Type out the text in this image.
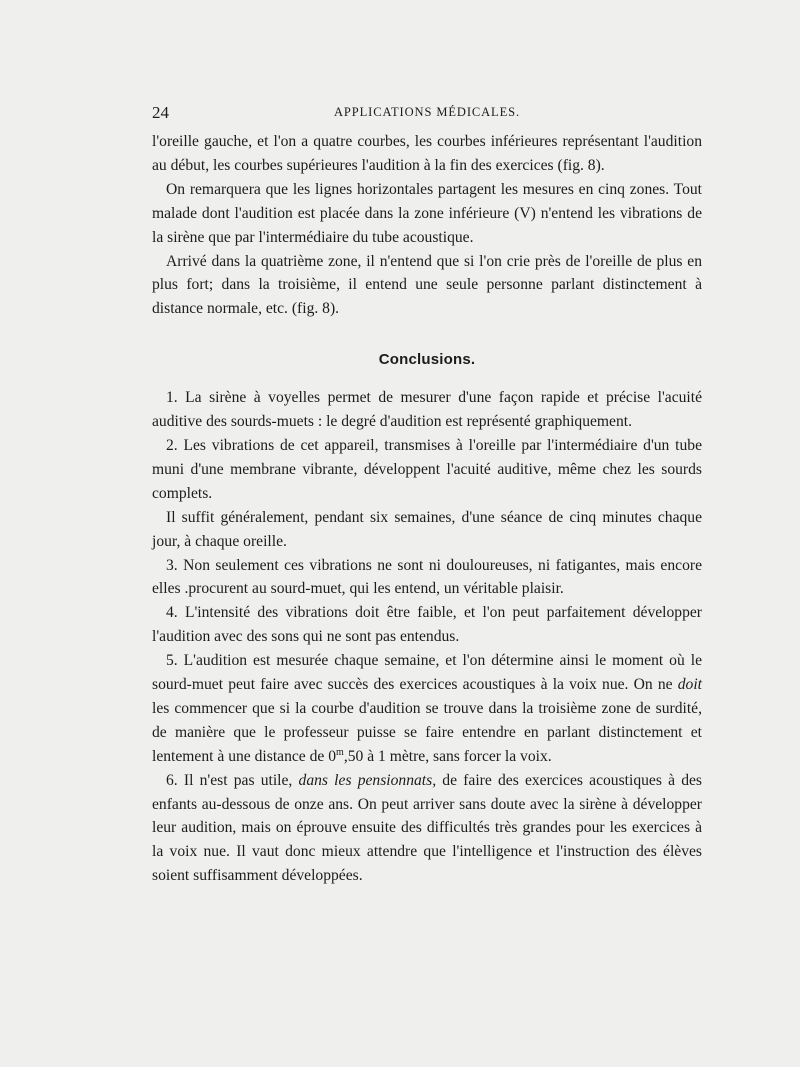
24	APPLICATIONS MÉDICALES.

l'oreille gauche, et l'on a quatre courbes, les courbes inférieures représentant l'audition au début, les courbes supérieures l'audition à la fin des exercices (fig. 8).

On remarquera que les lignes horizontales partagent les mesures en cinq zones. Tout malade dont l'audition est placée dans la zone inférieure (V) n'entend les vibrations de la sirène que par l'intermédiaire du tube acoustique.

Arrivé dans la quatrième zone, il n'entend que si l'on crie près de l'oreille de plus en plus fort; dans la troisième, il entend une seule personne parlant distinctement à distance normale, etc. (fig. 8).

Conclusions.

1. La sirène à voyelles permet de mesurer d'une façon rapide et précise l'acuité auditive des sourds-muets : le degré d'audition est représenté graphiquement.

2. Les vibrations de cet appareil, transmises à l'oreille par l'intermédiaire d'un tube muni d'une membrane vibrante, développent l'acuité auditive, même chez les sourds complets.

Il suffit généralement, pendant six semaines, d'une séance de cinq minutes chaque jour, à chaque oreille.

3. Non seulement ces vibrations ne sont ni douloureuses, ni fatigantes, mais encore elles .procurent au sourd-muet, qui les entend, un véritable plaisir.

4. L'intensité des vibrations doit être faible, et l'on peut parfaitement développer l'audition avec des sons qui ne sont pas entendus.

5. L'audition est mesurée chaque semaine, et l'on détermine ainsi le moment où le sourd-muet peut faire avec succès des exercices acoustiques à la voix nue. On ne doit les commencer que si la courbe d'audition se trouve dans la troisième zone de surdité, de manière que le professeur puisse se faire entendre en parlant distinctement et lentement à une distance de 0$^m$,50 à 1 mètre, sans forcer la voix.

6. Il n'est pas utile, dans les pensionnats, de faire des exercices acoustiques à des enfants au-dessous de onze ans. On peut arriver sans doute avec la sirène à développer leur audition, mais on éprouve ensuite des difficultés très grandes pour les exercices à la voix nue. Il vaut donc mieux attendre que l'intelligence et l'instruction des élèves soient suffisamment développées.
